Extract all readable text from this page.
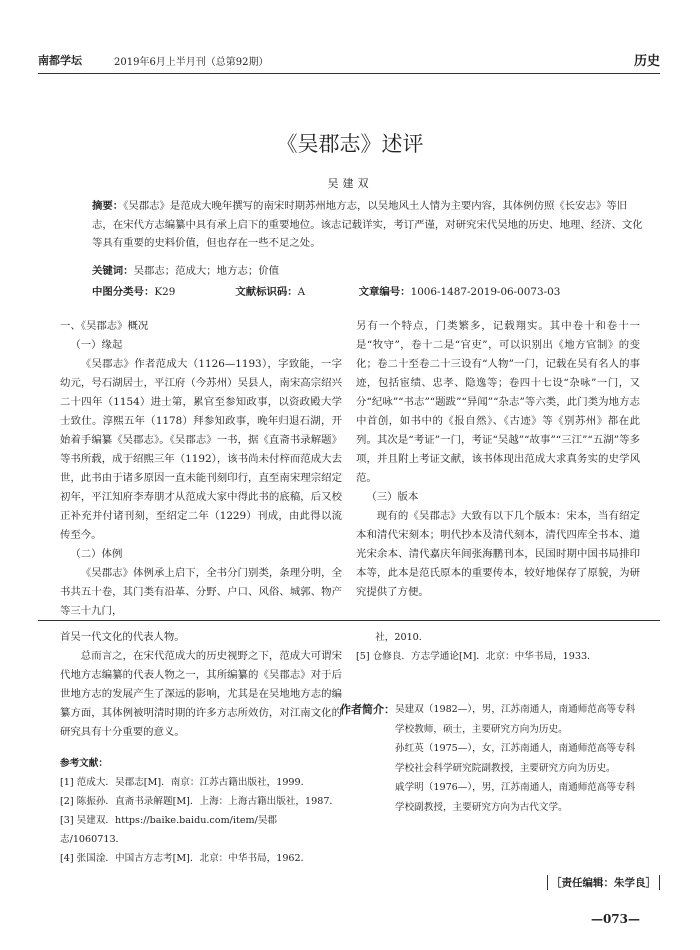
南都学坛	2019年6月上半月刊（总第92期）	历史
《吴郡志》述评
吴建双
摘要：《吴郡志》是范成大晚年撰写的南宋时期苏州地方志，以吴地风土人情为主要内容，其体例仿照《长安志》等旧志，在宋代方志编纂中具有承上启下的重要地位。该志记载详实，考订严谨，对研究宋代吴地的历史、地理、经济、文化等具有重要的史料价值，但也存在一些不足之处。
关键词：吴郡志；范成大；地方志；价值
中图分类号：K29	文献标识码：A	文章编号：1006-1487-2019-06-0073-03
一、《吴郡志》概况
（一）缘起

《吴郡志》作者范成大（1126—1193），字致能，一字幼元，号石湖居士，平江府（今苏州）吴县人，南宋高宗绍兴二十四年（1154）进士第，累官至参知政事，以资政殿大学士致仕。淳熙五年（1178）拜参知政事，晚年归退石湖，开始着手编纂《吴郡志》。《吴郡志》一书，据《直斋书录解题》等书所载，成于绍熙三年（1192），该书尚未付梓而范成大去世，此书由于诸多原因一直未能刊刻印行，直至南宋理宗绍定初年，平江知府李寿朋才从范成大家中得此书的底稿，后又校正补充并付诸刊刻，至绍定二年（1229）刊成，由此得以流传至今。

（二）体例

《吴郡志》体例承上启下，全书分门别类，条理分明，全书共五十卷，其门类有沿革、分野、户口、风俗、城郭、物产等三十九门，

另有一个特点，门类繁多，记载翔实。其中卷十和卷十一是“牧守”，卷十二是“官吏”，可以识别出《地方官制》的变化；卷二十至卷二十三设有“人物”一门，记载在吴有名人的事迹，包括宦绩、忠孝、隐逸等；卷四十七设“杂咏”一门，又分“纪咏”“书志”“题跋”“异闻”“杂志”等六类，此门类为地方志中首创，如书中的《报自然》、《古迹》等《别苏州》都在此列。其次是“考证”一门，考证“吴越”“故事”“三江”“五湖”等多项，并且附上考证文献，该书体现出范成大求真务实的史学风范。

（三）版本

现有的《吴郡志》大致有以下几个版本：宋本，当有绍定本和清代宋刻本；明代抄本及清代刻本，清代四库全书本、道光宋余本、清代嘉庆年间张海鹏刊本，民国时期中国书局排印本等，此本是范氏原本的重要传本，较好地保存了原貌，为研究提供了方便。

首吴一代文化的代表人物。

总而言之，在宋代范成大的历史视野之下，范成大可谓宋代地方志编纂的代表人物之一，其所编纂的《吴郡志》对于后世地方志的发展产生了深远的影响，尤其是在吴地地方志的编纂方面，其体例被明清时期的许多方志所效仿，对江南文化的研究具有十分重要的意义。

参考文献：
[1] 范成大．吴郡志[M]．南京：江苏古籍出版社，1999．
[2] 陈振孙．直斋书录解题[M]．上海：上海古籍出版社，1987．
[3] 吴建双．https://baike.baidu.com/item/吴郡志/1060713．
[4] 张国淦．中国古方志考[M]．北京：中华书局，1962．
社，2010．
[5] 仓修良．方志学通论[M]．北京：中华书局，1933．
作者简介： 吴建双（1982—），男，江苏南通人，南通师范高等专科学校教师，硕士，主要研究方向为历史。
孙红英（1975—），女，江苏南通人，南通师范高等专科学校社会科学研究院副教授，主要研究方向为历史。
戚学明（1976—），男，江苏南通人，南通师范高等专科学校副教授，主要研究方向为古代文学。
［责任编辑：朱学良］
—073—
